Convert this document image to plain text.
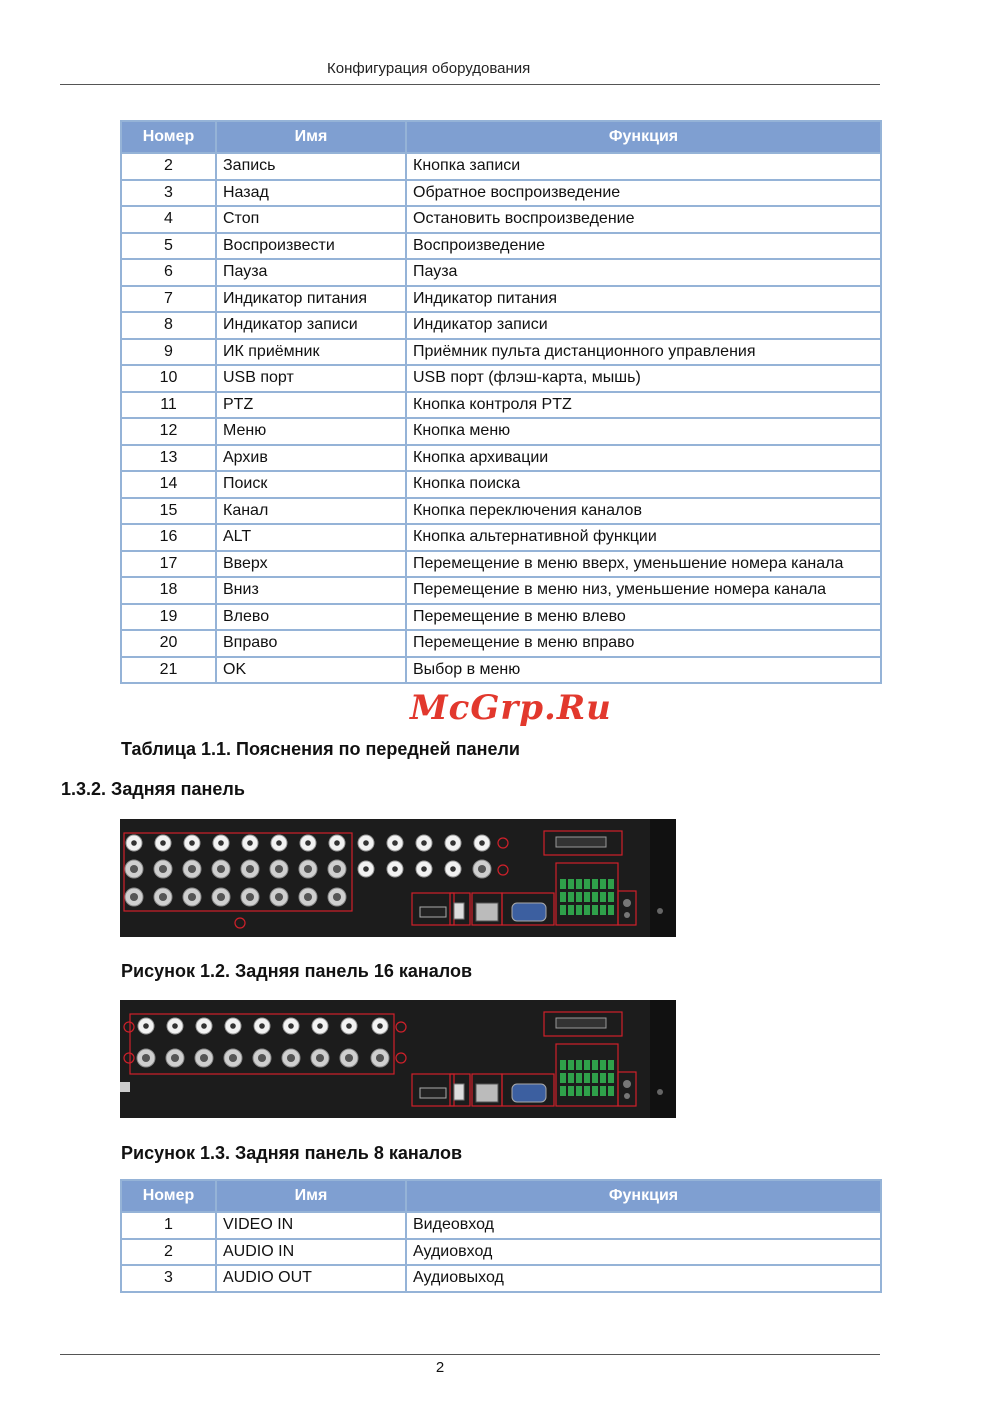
Конфигурация оборудования
Номер	Имя	Функция
2	Запись	Кнопка записи
3	Назад	Обратное воспроизведение
4	Стоп	Остановить воспроизведение
5	Воспроизвести	Воспроизведение
6	Пауза	Пауза
7	Индикатор питания	Индикатор питания
8	Индикатор записи	Индикатор записи
9	ИК приёмник	Приёмник пульта дистанционного управления
10	USB порт	USB порт (флэш-карта, мышь)
11	PTZ	Кнопка контроля PTZ
12	Меню	Кнопка меню
13	Архив	Кнопка архивации
14	Поиск	Кнопка поиска
15	Канал	Кнопка переключения каналов
16	ALT	Кнопка альтернативной функции
17	Вверх	Перемещение в меню вверх, уменьшение номера канала
18	Вниз	Перемещение в меню низ, уменьшение номера канала
19	Влево	Перемещение в меню влево
20	Вправо	Перемещение в меню вправо
21	OK	Выбор в меню
McGrp.Ru
Таблица 1.1. Пояснения по передней панели
1.3.2. Задняя панель
Рисунок 1.2. Задняя панель 16 каналов
Рисунок 1.3. Задняя панель 8 каналов
Номер	Имя	Функция
1	VIDEO IN	Видеовход
2	AUDIO IN	Аудиовход
3	AUDIO OUT	Аудиовыход
2
